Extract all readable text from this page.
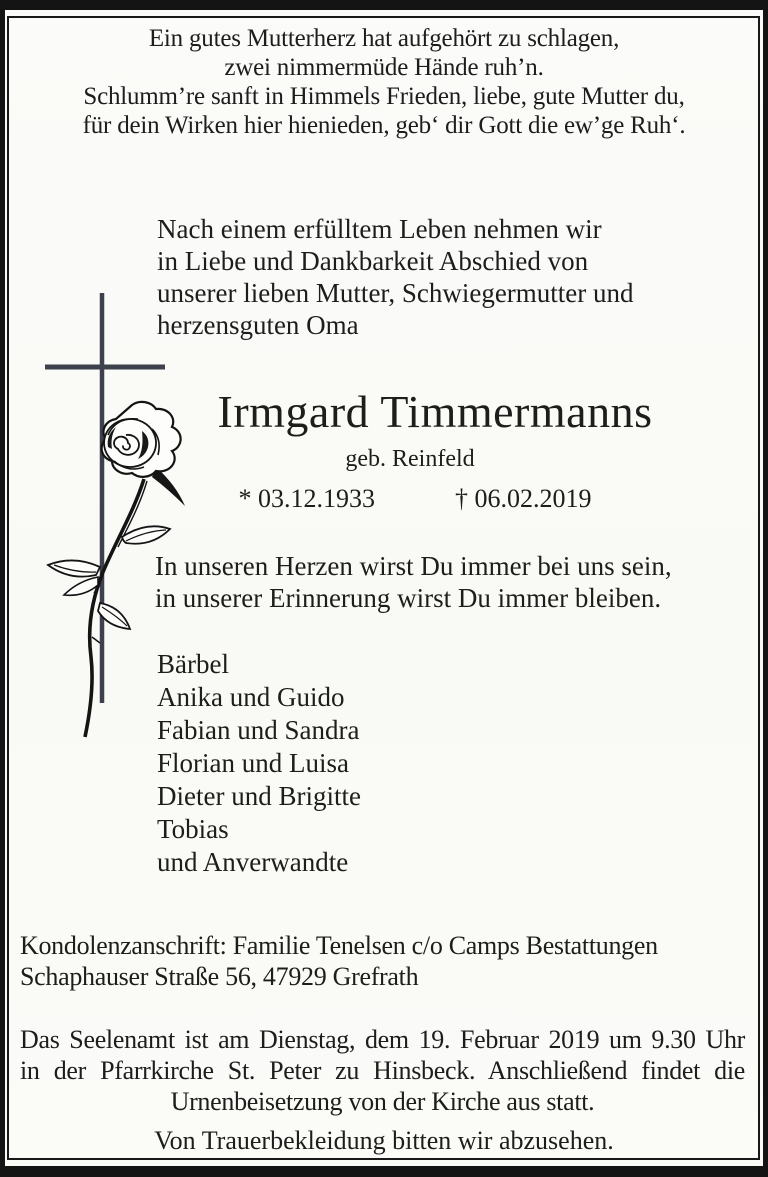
Ein gutes Mutterherz hat aufgehört zu schlagen,
zwei nimmermüde Hände ruh’n.
Schlumm’re sanft in Himmels Frieden, liebe, gute Mutter du,
für dein Wirken hier hienieden, geb‘ dir Gott die ew’ge Ruh‘.
Nach einem erfülltem Leben nehmen wir
in Liebe und Dankbarkeit Abschied von
unserer lieben Mutter, Schwiegermutter und
herzensguten Oma
Irmgard Timmermanns
geb. Reinfeld
* 03.12.1933	† 06.02.2019
In unseren Herzen wirst Du immer bei uns sein,
in unserer Erinnerung wirst Du immer bleiben.
Bärbel
Anika und Guido
Fabian und Sandra
Florian und Luisa
Dieter und Brigitte
Tobias
und Anverwandte
Kondolenzanschrift: Familie Tenelsen c/o Camps Bestattungen
Schaphauser Straße 56, 47929 Grefrath
Das Seelenamt ist am Dienstag, dem 19. Februar 2019 um 9.30 Uhr
in der Pfarrkirche St. Peter zu Hinsbeck. Anschließend findet die
Urnenbeisetzung von der Kirche aus statt.
Von Trauerbekleidung bitten wir abzusehen.
